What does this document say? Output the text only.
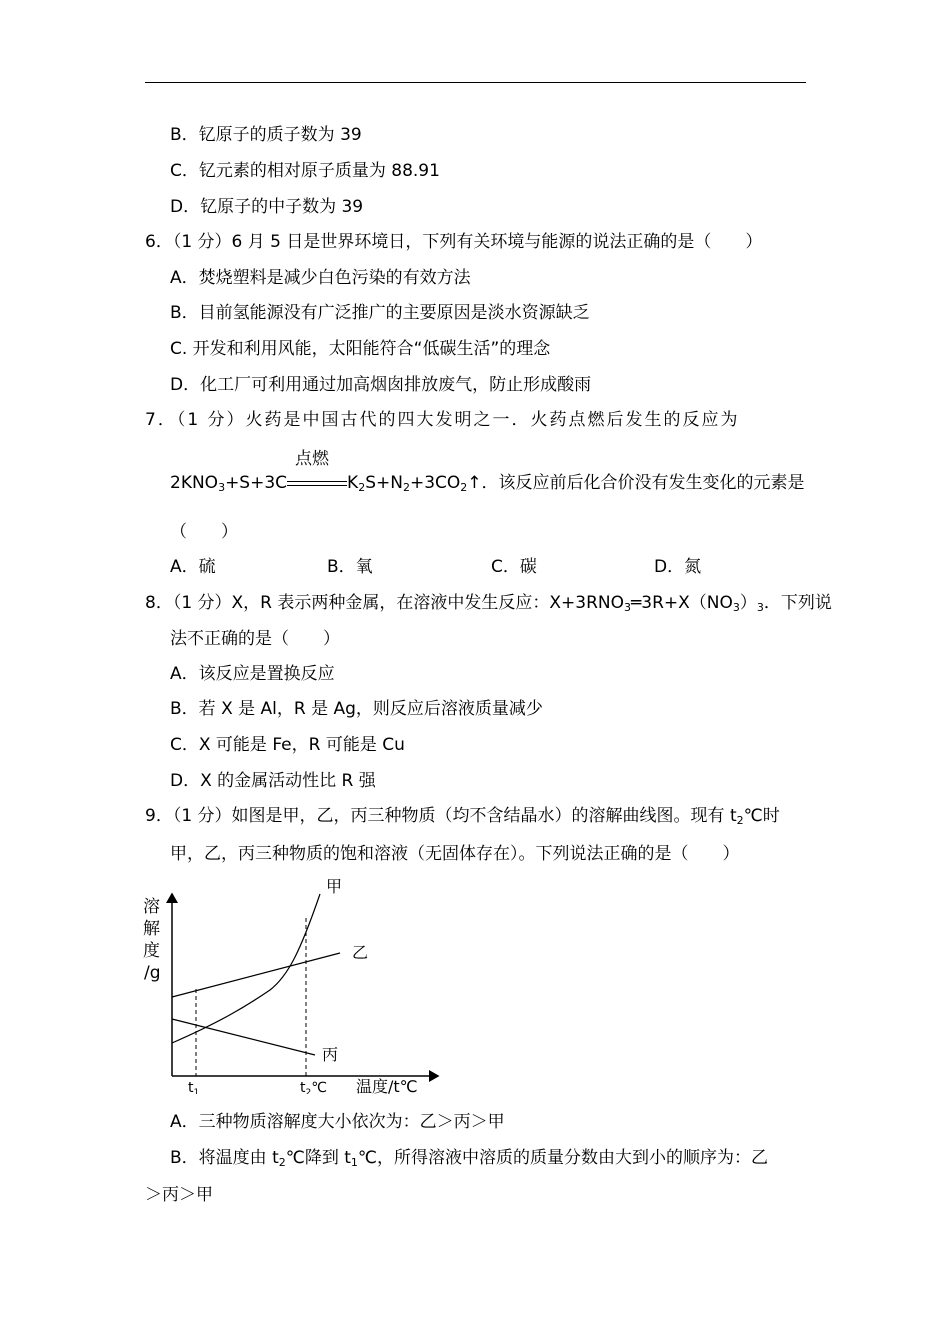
B．钇原子的质子数为 39
C．钇元素的相对原子质量为 88.91
D．钇原子的中子数为 39
6．（1 分）6 月 5 日是世界环境日，下列有关环境与能源的说法正确的是（　　）
A．焚烧塑料是减少白色污染的有效方法
B．目前氢能源没有广泛推广的主要原因是淡水资源缺乏
C. 开发和利用风能，太阳能符合“低碳生活”的理念
D．化工厂可利用通过加高烟囱排放废气，防止形成酸雨
7．（1 分）火药是中国古代的四大发明之一．火药点燃后发生的反应为
$2KNO_3+S+3C$
点燃
$K_2S+N_2+3CO_2↑$．该反应前后化合价没有发生变化的元素是
（　　）
A．硫	B．氧	C．碳	D．氮
8．（1 分）X，R 表示两种金属，在溶液中发生反应：$X+3RNO_3═3R+X(NO_3)_3$．下列说
法不正确的是（　　）
A．该反应是置换反应
B．若 X 是 Al，R 是 Ag，则反应后溶液质量减少
C．X 可能是 Fe，R 可能是 Cu
D．X 的金属活动性比 R 强
9．（1 分）如图是甲，乙，丙三种物质（均不含结晶水）的溶解曲线图。现有 $t_2℃$时
甲，乙，丙三种物质的饱和溶液（无固体存在）。下列说法正确的是（　　）
溶
解
度
/g
甲
乙
丙
$t_1$	$t_2℃$ 温度/t℃
A．三种物质溶解度大小依次为：乙＞丙＞甲
B．将温度由 $t_2℃$降到 $t_1℃$，所得溶液中溶质的质量分数由大到小的顺序为：乙
＞丙＞甲
